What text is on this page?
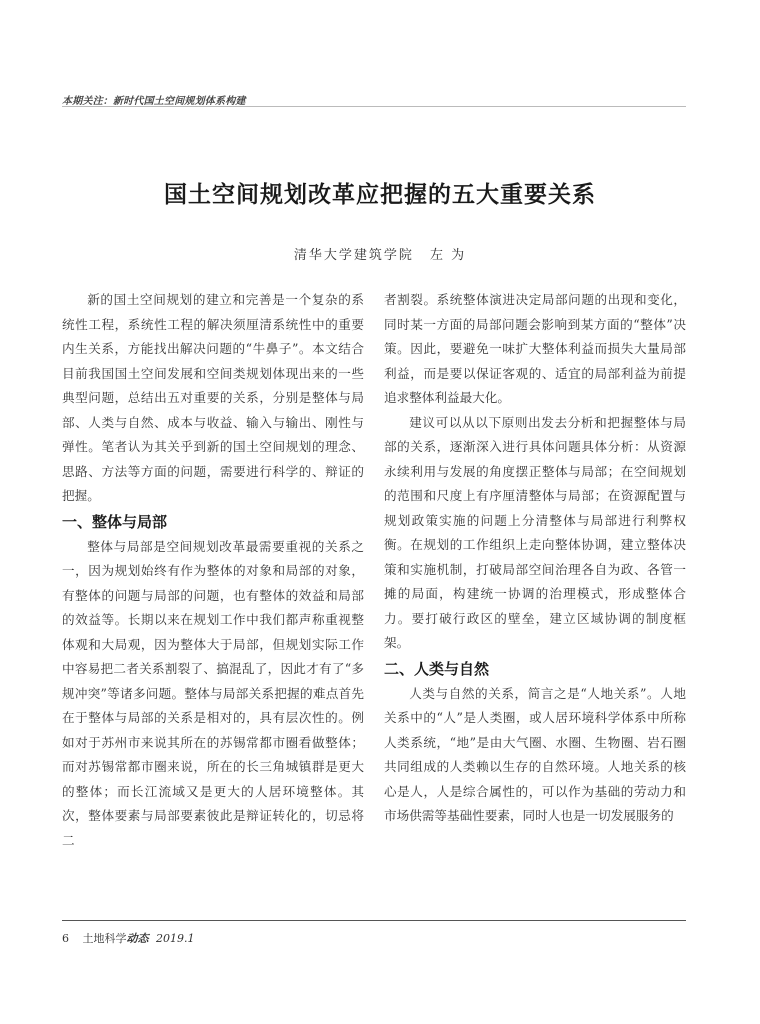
本期关注：新时代国土空间规划体系构建
国土空间规划改革应把握的五大重要关系
清华大学建筑学院 左 为

新的国土空间规划的建立和完善是一个复杂的系统性工程，系统性工程的解决须厘清系统性中的重要内生关系，方能找出解决问题的“牛鼻子”。本文结合目前我国国土空间发展和空间类规划体现出来的一些典型问题，总结出五对重要的关系，分别是整体与局部、人类与自然、成本与收益、输入与输出、刚性与弹性。笔者认为其关乎到新的国土空间规划的理念、思路、方法等方面的问题，需要进行科学的、辩证的把握。

一、整体与局部

整体与局部是空间规划改革最需要重视的关系之一，因为规划始终有作为整体的对象和局部的对象，有整体的问题与局部的问题，也有整体的效益和局部的效益等。长期以来在规划工作中我们都声称重视整体观和大局观，因为整体大于局部，但规划实际工作中容易把二者关系割裂了、搞混乱了，因此才有了“多规冲突”等诸多问题。整体与局部关系把握的难点首先在于整体与局部的关系是相对的，具有层次性的。例如对于苏州市来说其所在的苏锡常都市圈看做整体；而对苏锡常都市圈来说，所在的长三角城镇群是更大的整体；而长江流域又是更大的人居环境整体。其次，整体要素与局部要素彼此是辩证转化的，切忌将二

者割裂。系统整体演进决定局部问题的出现和变化，同时某一方面的局部问题会影响到某方面的“整体”决策。因此，要避免一味扩大整体利益而损失大量局部利益，而是要以保证客观的、适宜的局部利益为前提追求整体利益最大化。

建议可以从以下原则出发去分析和把握整体与局部的关系，逐渐深入进行具体问题具体分析：从资源永续利用与发展的角度摆正整体与局部；在空间规划的范围和尺度上有序厘清整体与局部；在资源配置与规划政策实施的问题上分清整体与局部进行利弊权衡。在规划的工作组织上走向整体协调，建立整体决策和实施机制，打破局部空间治理各自为政、各管一摊的局面，构建统一协调的治理模式，形成整体合力。要打破行政区的壁垒，建立区域协调的制度框架。

二、人类与自然

人类与自然的关系，简言之是“人地关系”。人地关系中的“人”是人类圈，或人居环境科学体系中所称人类系统，“地”是由大气圈、水圈、生物圈、岩石圈共同组成的人类赖以生存的自然环境。人地关系的核心是人，人是综合属性的，可以作为基础的劳动力和市场供需等基础性要素，同时人也是一切发展服务的

6 土地科学动态 2019.1
